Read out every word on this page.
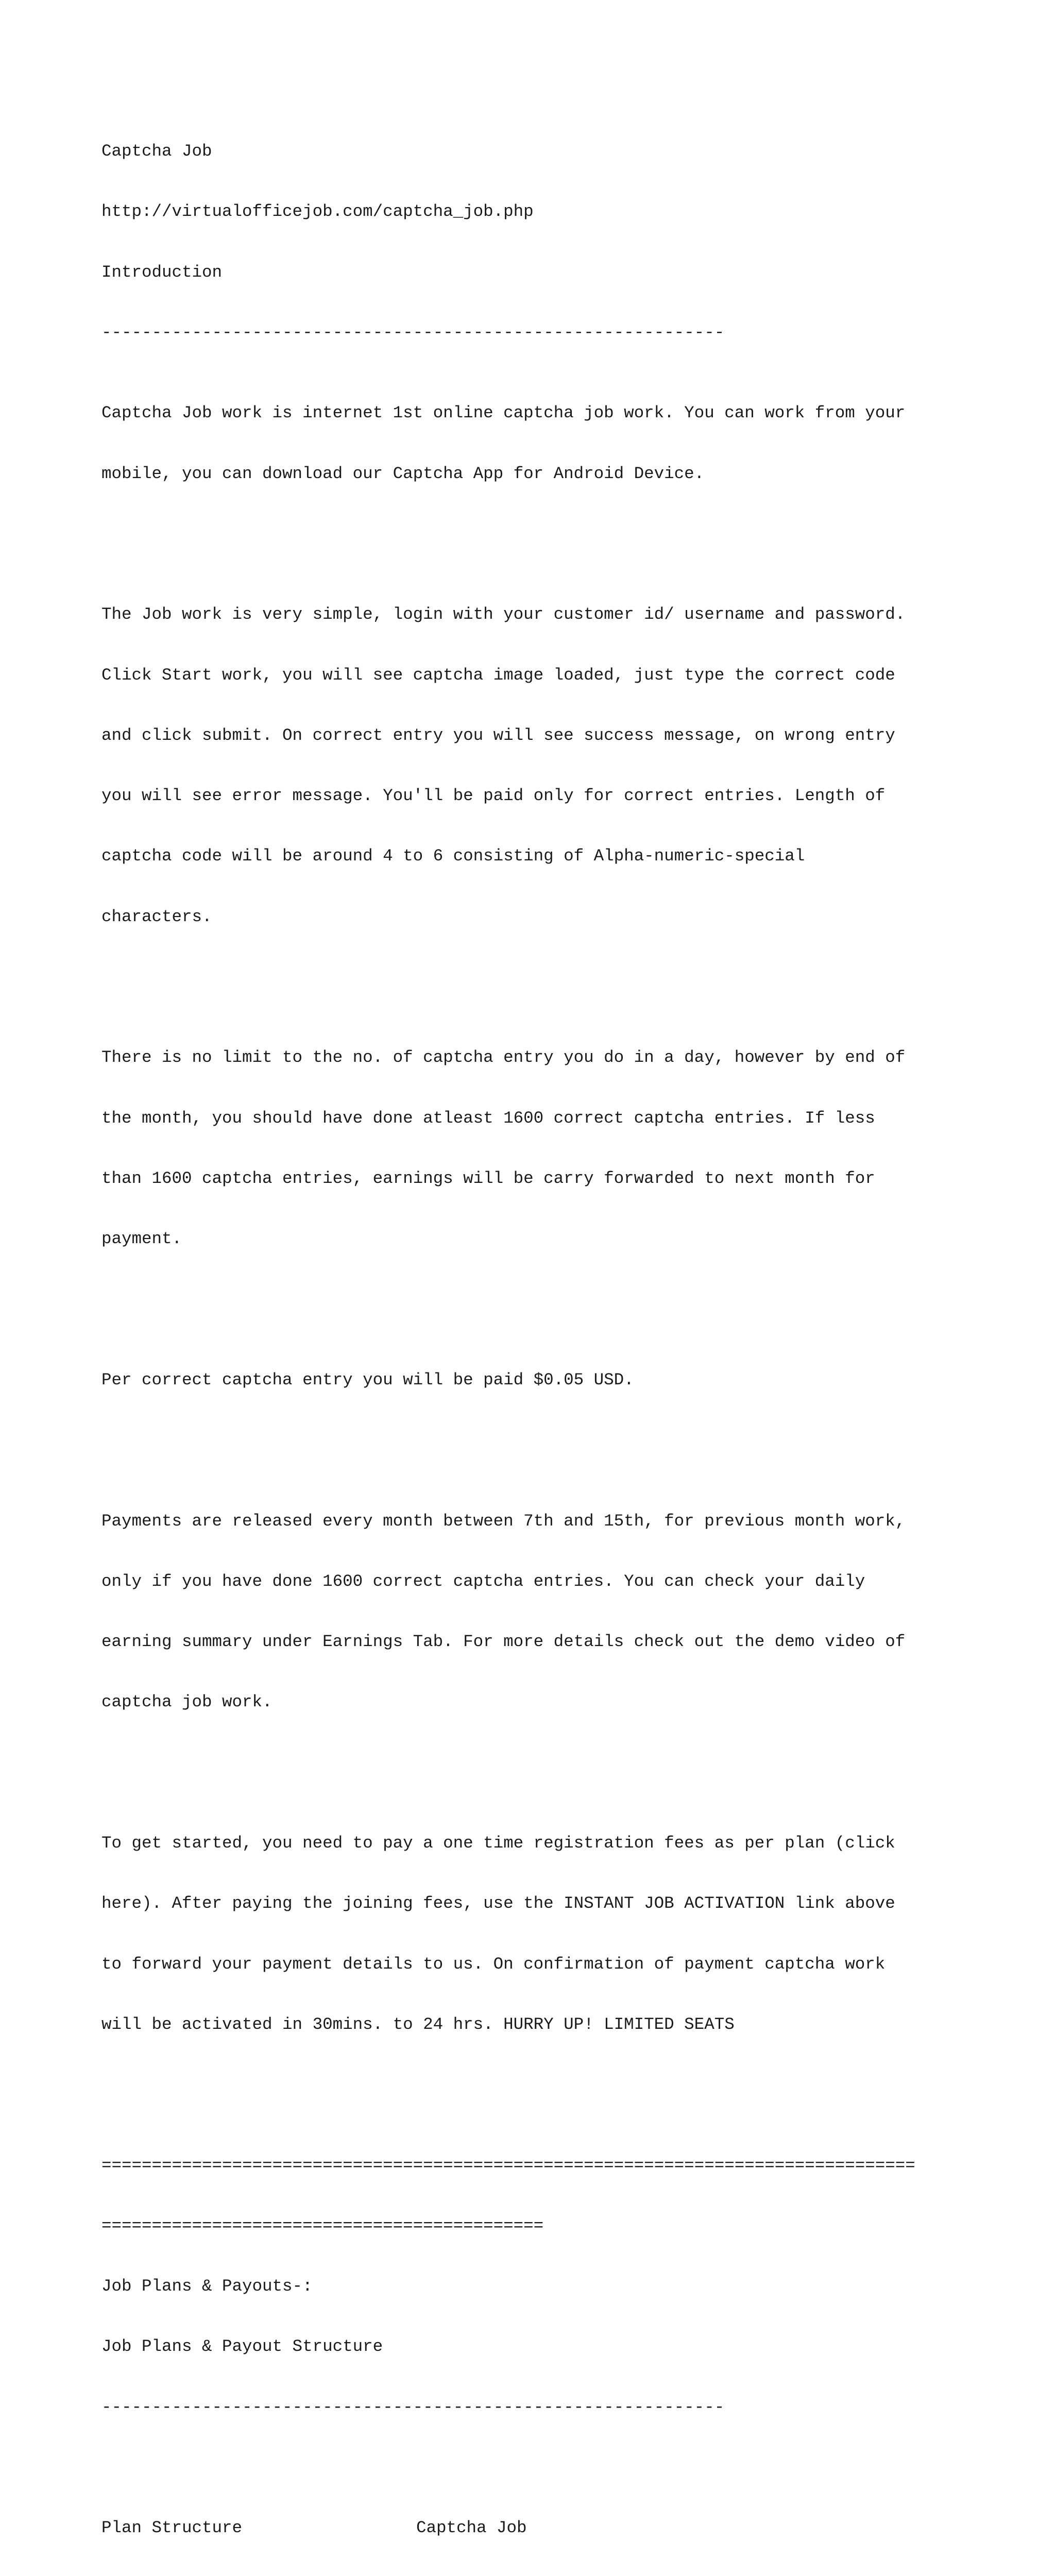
Captcha Job

http://virtualofficejob.com/captcha_job.php

Introduction

--------------------------------------------------------------

Captcha Job work is internet 1st online captcha job work. You can work from your

mobile, you can download our Captcha App for Android Device.

The Job work is very simple, login with your customer id/ username and password.

Click Start work, you will see captcha image loaded, just type the correct code

and click submit. On correct entry you will see success message, on wrong entry

you will see error message. You'll be paid only for correct entries. Length of

captcha code will be around 4 to 6 consisting of Alpha-numeric-special

characters.

There is no limit to the no. of captcha entry you do in a day, however by end of

the month, you should have done atleast 1600 correct captcha entries. If less

than 1600 captcha entries, earnings will be carry forwarded to next month for

payment.

Per correct captcha entry you will be paid $0.05 USD.

Payments are released every month between 7th and 15th, for previous month work,

only if you have done 1600 correct captcha entries. You can check your daily

earning summary under Earnings Tab. For more details check out the demo video of

captcha job work.

To get started, you need to pay a one time registration fees as per plan (click

here). After paying the joining fees, use the INSTANT JOB ACTIVATION link above

to forward your payment details to us. On confirmation of payment captcha work

will be activated in 30mins. to 24 hrs. HURRY UP! LIMITED SEATS

=================================================================================

============================================

Job Plans & Payouts-:

Job Plans & Payout Structure

--------------------------------------------------------------

Plan Structure	Captcha Job
